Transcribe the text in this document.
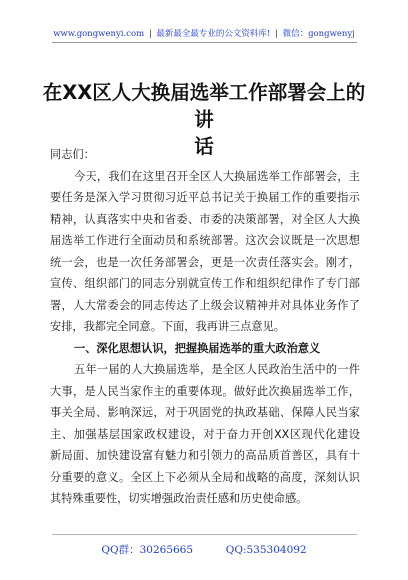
www.gongwenyi.com | 最新最全最专业的公文资料库! | 微信：gongwenyj
在XX区人大换届选举工作部署会上的讲
话
同志们：
今天，我们在这里召开全区人大换届选举工作部署会，主
要任务是深入学习贯彻习近平总书记关于换届工作的重要指示
精神，认真落实中央和省委、市委的决策部署，对全区人大换
届选举工作进行全面动员和系统部署。这次会议既是一次思想
统一会，也是一次任务部署会，更是一次责任落实会。刚才，
宣传、组织部门的同志分别就宣传工作和组织纪律作了专门部
署，人大常委会的同志传达了上级会议精神并对具体业务作了
安排，我都完全同意。下面，我再讲三点意见。
一、深化思想认识，把握换届选举的重大政治意义
五年一届的人大换届选举，是全区人民政治生活中的一件
大事，是人民当家作主的重要体现。做好此次换届选举工作，
事关全局、影响深远，对于巩固党的执政基础、保障人民当家
主、加强基层国家政权建设，对于奋力开创XX区现代化建设
新局面、加快建设富有魅力和引领力的高品质首善区，具有十
分重要的意义。全区上下必须从全局和战略的高度，深刻认识
其特殊重要性，切实增强政治责任感和历史使命感。
QQ群：30265665	QQ:535304092
